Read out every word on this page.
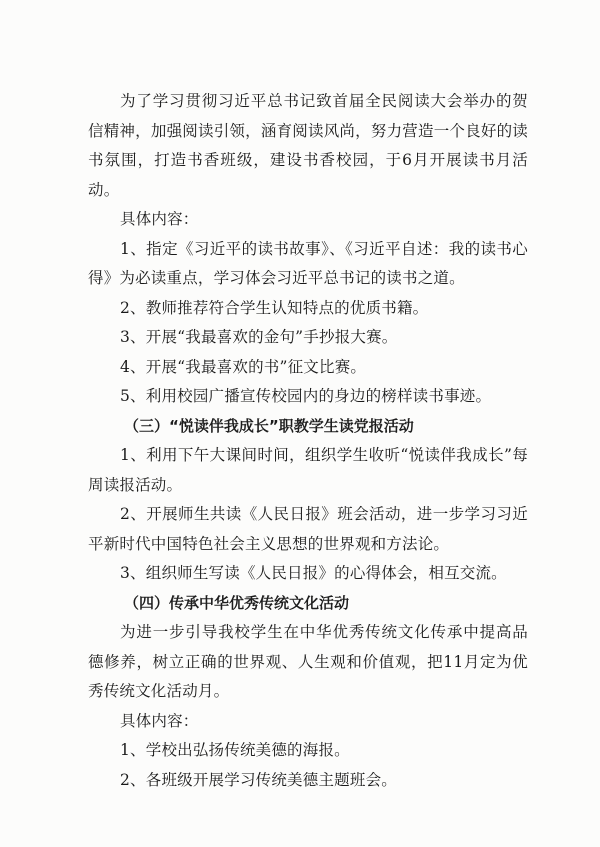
为了学习贯彻习近平总书记致首届全民阅读大会举办的贺信精神，加强阅读引领，涵育阅读风尚，努力营造一个良好的读书氛围，打造书香班级，建设书香校园，于6月开展读书月活动。

具体内容：

1、指定《习近平的读书故事》、《习近平自述：我的读书心得》为必读重点，学习体会习近平总书记的读书之道。

2、教师推荐符合学生认知特点的优质书籍。

3、开展“我最喜欢的金句”手抄报大赛。

4、开展“我最喜欢的书”征文比赛。

5、利用校园广播宣传校园内的身边的榜样读书事迹。

（三）“悦读伴我成长”职教学生读党报活动

1、利用下午大课间时间，组织学生收听“悦读伴我成长”每周读报活动。

2、开展师生共读《人民日报》班会活动，进一步学习习近平新时代中国特色社会主义思想的世界观和方法论。

3、组织师生写读《人民日报》的心得体会，相互交流。

（四）传承中华优秀传统文化活动

为进一步引导我校学生在中华优秀传统文化传承中提高品德修养，树立正确的世界观、人生观和价值观，把11月定为优秀传统文化活动月。

具体内容：

1、学校出弘扬传统美德的海报。

2、各班级开展学习传统美德主题班会。
